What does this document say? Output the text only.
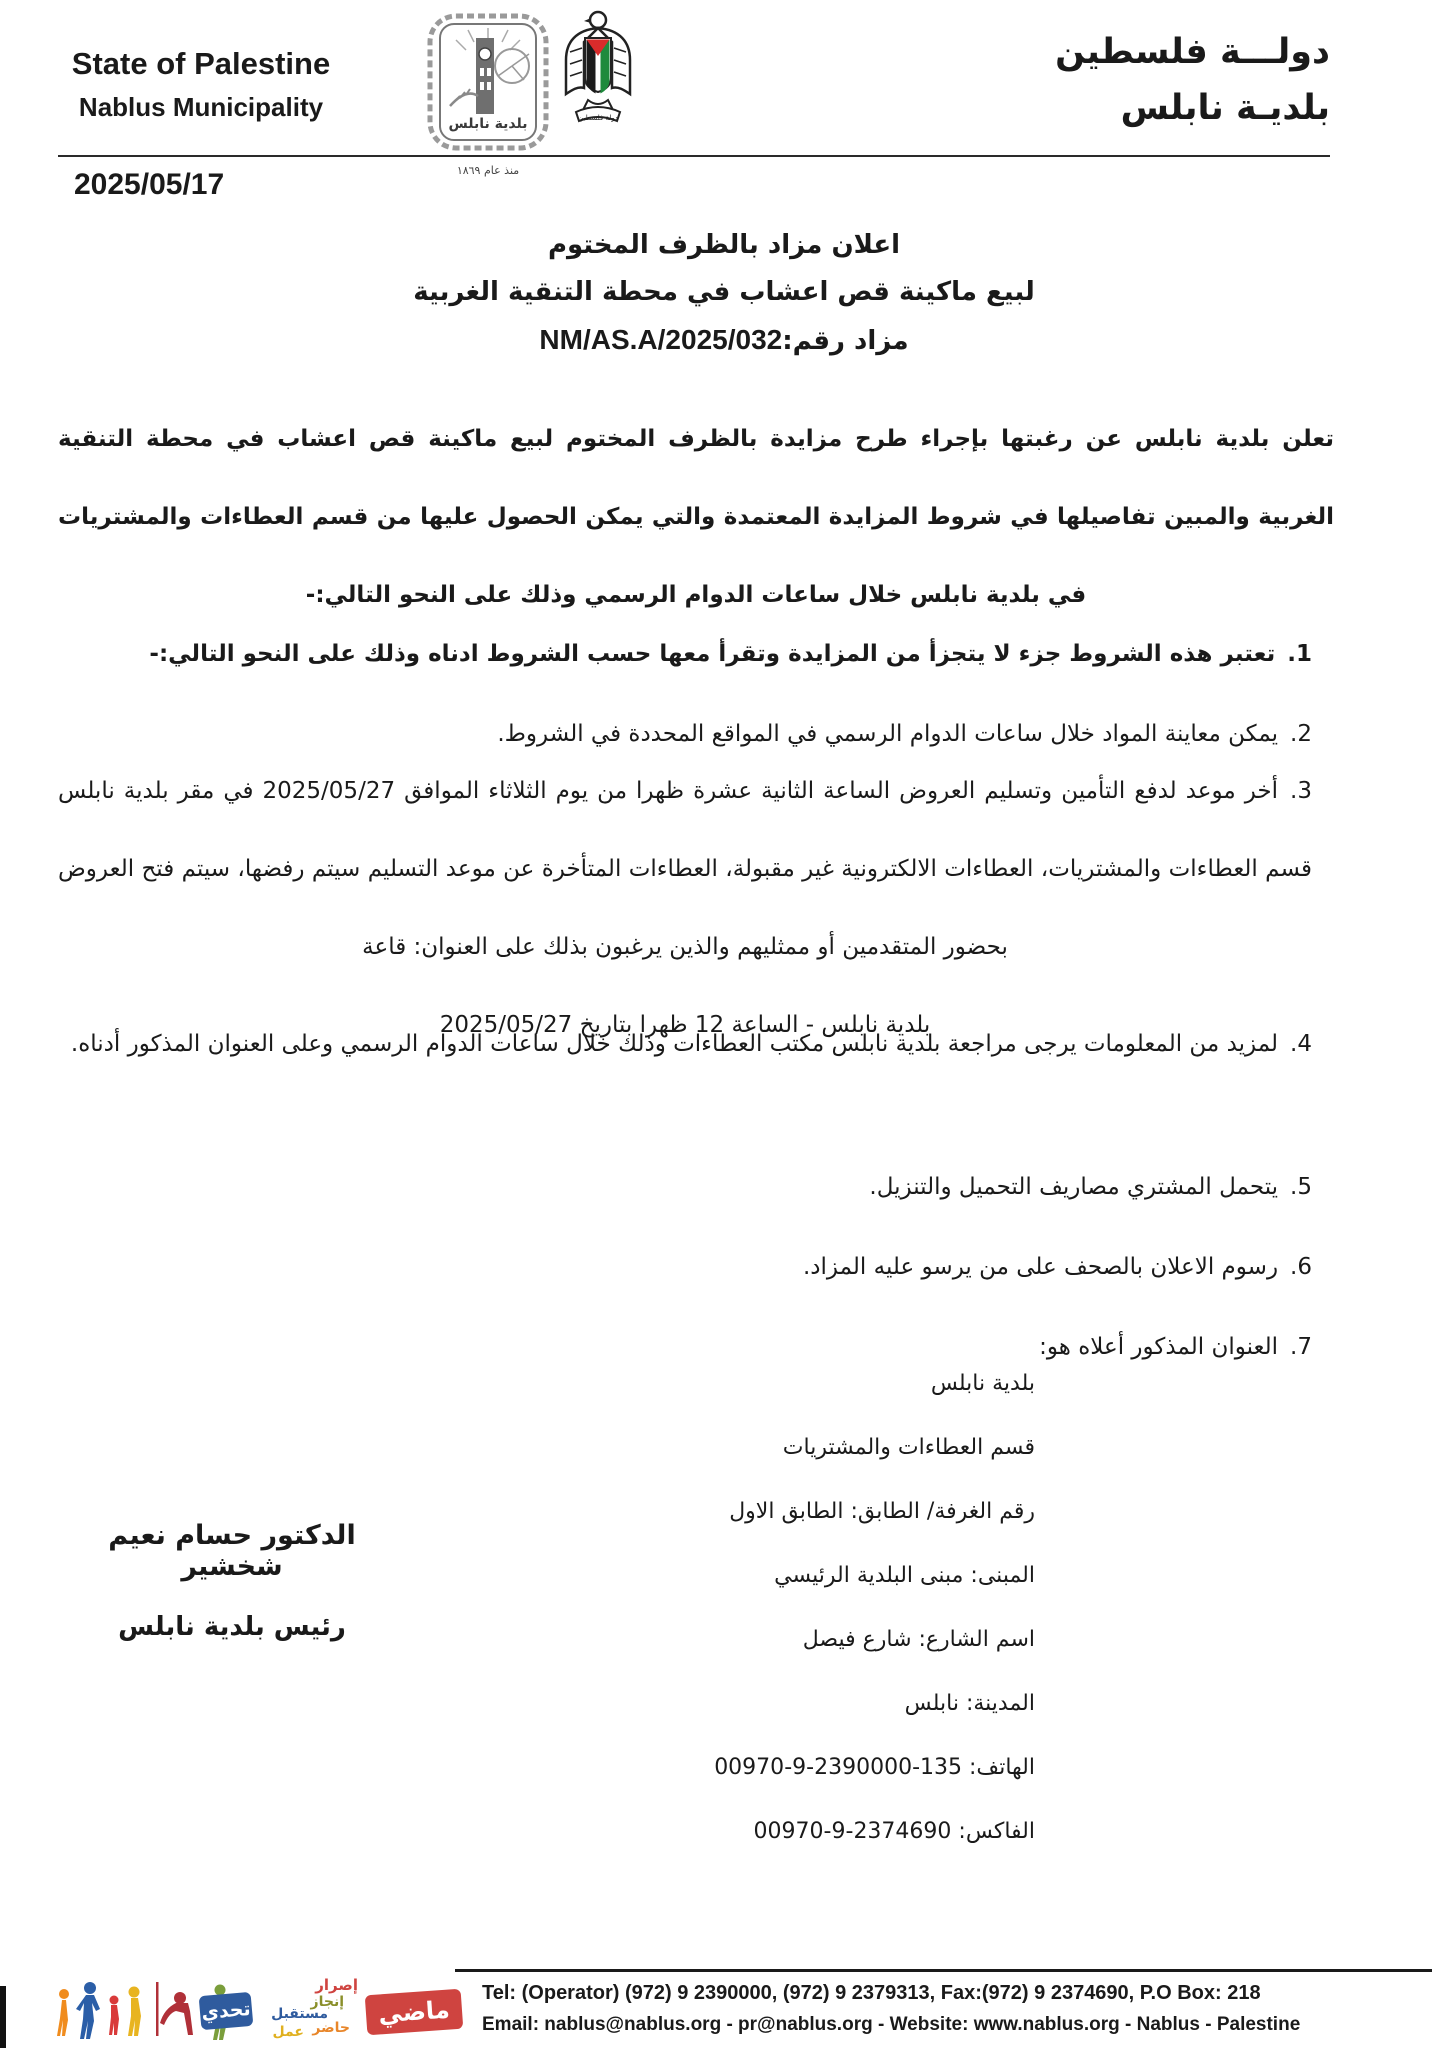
State of Palestine
Nablus Municipality
بلدية نابلس
منذ عام ١٨٦٩
دولة فلسطين
دولـــة فلسطين
بلديـة نابلس
2025/05/17
اعلان مزاد بالظرف المختوم
لبيع ماكينة قص اعشاب في محطة التنقية الغربية
مزاد رقم:NM/AS.A/2025/032
تعلن بلدية نابلس عن رغبتها بإجراء طرح مزايدة بالظرف المختوم لبيع ماكينة قص اعشاب في محطة التنقية الغربية والمبين تفاصيلها في شروط المزايدة المعتمدة والتي يمكن الحصول عليها من قسم العطاءات والمشتريات في بلدية نابلس خلال ساعات الدوام الرسمي وذلك على النحو التالي:-
1.تعتبر هذه الشروط جزء لا يتجزأ من المزايدة وتقرأ معها حسب الشروط ادناه وذلك على النحو التالي:-
2.يمكن معاينة المواد خلال ساعات الدوام الرسمي في المواقع المحددة في الشروط.
3.أخر موعد لدفع التأمين وتسليم العروض الساعة الثانية عشرة ظهرا من يوم الثلاثاء الموافق 2025/05/27 في مقر بلدية نابلس قسم العطاءات والمشتريات، العطاءات الالكترونية غير مقبولة، العطاءات المتأخرة عن موعد التسليم سيتم رفضها، سيتم فتح العروض بحضور المتقدمين أو ممثليهم والذين يرغبون بذلك على العنوان: قاعة
بلدية نابلس - الساعة 12 ظهرا بتاريخ 2025/05/27
4.لمزيد من المعلومات يرجى مراجعة بلدية نابلس مكتب العطاءات وذلك خلال ساعات الدوام الرسمي وعلى العنوان المذكور أدناه.
5.يتحمل المشتري مصاريف التحميل والتنزيل.
6.رسوم الاعلان بالصحف على من يرسو عليه المزاد.
7.العنوان المذكور أعلاه هو:
بلدية نابلس
قسم العطاءات والمشتريات
رقم الغرفة/ الطابق: الطابق الاول
المبنى: مبنى البلدية الرئيسي
اسم الشارع: شارع فيصل
المدينة: نابلس
الهاتف: 135-2390000-9-00970
الفاكس: 2374690-9-00970
الدكتور حسام نعيم شخشير
رئيس بلدية نابلس
Tel: (Operator) (972) 9 2390000, (972) 9 2379313, Fax:(972) 9 2374690, P.O Box: 218
Email: nablus@nablus.org - pr@nablus.org - Website: www.nablus.org - Nablus - Palestine
تحدي
إصرار
إنجاز
مستقبل
حاضر
عمل
ماضي
